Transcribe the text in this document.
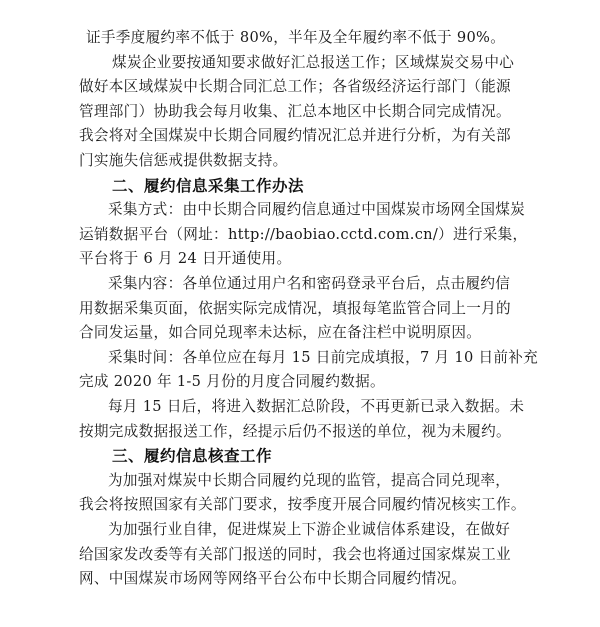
证手季度履约率不低于 80%，半年及全年履约率不低于 90%。
煤炭企业要按通知要求做好汇总报送工作；区域煤炭交易中心
做好本区域煤炭中长期合同汇总工作；各省级经济运行部门（能源
管理部门）协助我会每月收集、汇总本地区中长期合同完成情况。
我会将对全国煤炭中长期合同履约情况汇总并进行分析，为有关部
门实施失信惩戒提供数据支持。
二、履约信息采集工作办法
采集方式：由中长期合同履约信息通过中国煤炭市场网全国煤炭
运销数据平台（网址：http://baobiao.cctd.com.cn/）进行采集，
平台将于 6 月 24 日开通使用。
采集内容：各单位通过用户名和密码登录平台后，点击履约信
用数据采集页面，依据实际完成情况，填报每笔监管合同上一月的
合同发运量，如合同兑现率未达标，应在备注栏中说明原因。
采集时间：各单位应在每月 15 日前完成填报，7 月 10 日前补充
完成 2020 年 1-5 月份的月度合同履约数据。
每月 15 日后，将进入数据汇总阶段，不再更新已录入数据。未
按期完成数据报送工作，经提示后仍不报送的单位，视为未履约。
三、履约信息核查工作
为加强对煤炭中长期合同履约兑现的监管，提高合同兑现率，
我会将按照国家有关部门要求，按季度开展合同履约情况核实工作。
为加强行业自律，促进煤炭上下游企业诚信体系建设，在做好
给国家发改委等有关部门报送的同时，我会也将通过国家煤炭工业
网、中国煤炭市场网等网络平台公布中长期合同履约情况。
